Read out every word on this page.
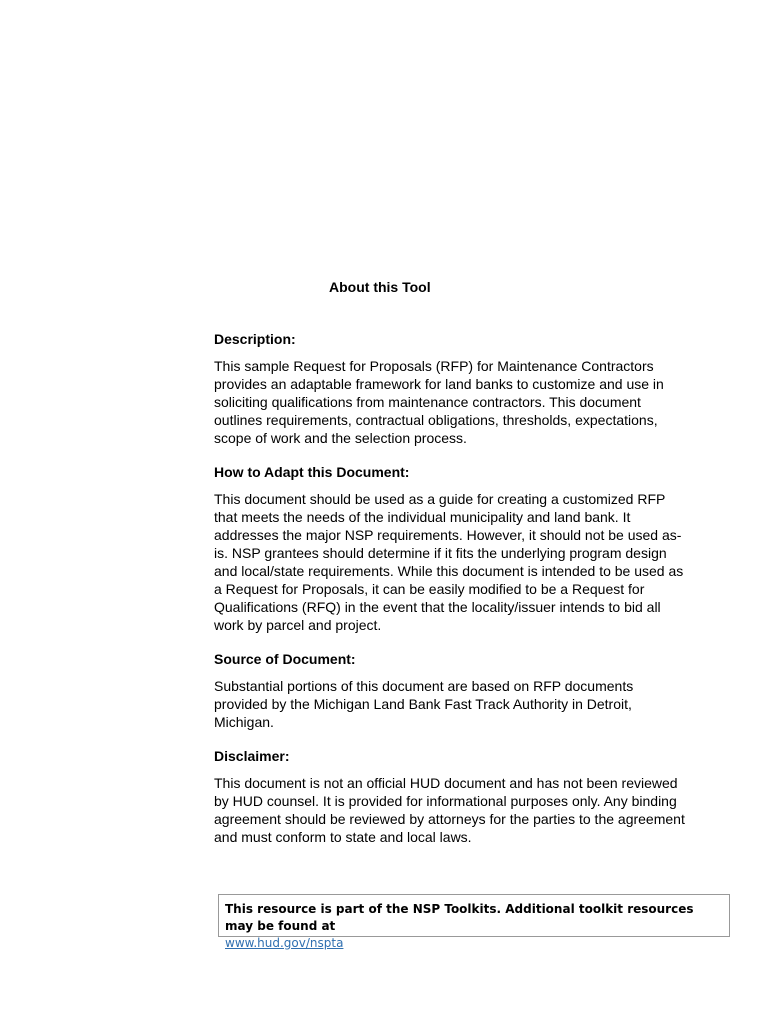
About this Tool
Description:

This sample Request for Proposals (RFP) for Maintenance Contractors
provides an adaptable framework for land banks to customize and use in
soliciting qualifications from maintenance contractors. This document
outlines requirements, contractual obligations, thresholds, expectations,
scope of work and the selection process.

How to Adapt this Document:

This document should be used as a guide for creating a customized RFP
that meets the needs of the individual municipality and land bank. It
addresses the major NSP requirements. However, it should not be used as-
is. NSP grantees should determine if it fits the underlying program design
and local/state requirements. While this document is intended to be used as
a Request for Proposals, it can be easily modified to be a Request for
Qualifications (RFQ) in the event that the locality/issuer intends to bid all
work by parcel and project.

Source of Document:

Substantial portions of this document are based on RFP documents
provided by the Michigan Land Bank Fast Track Authority in Detroit,
Michigan.

Disclaimer:

This document is not an official HUD document and has not been reviewed
by HUD counsel. It is provided for informational purposes only. Any binding
agreement should be reviewed by attorneys for the parties to the agreement
and must conform to state and local laws.

This resource is part of the NSP Toolkits. Additional toolkit resources may be found at
www.hud.gov/nspta
